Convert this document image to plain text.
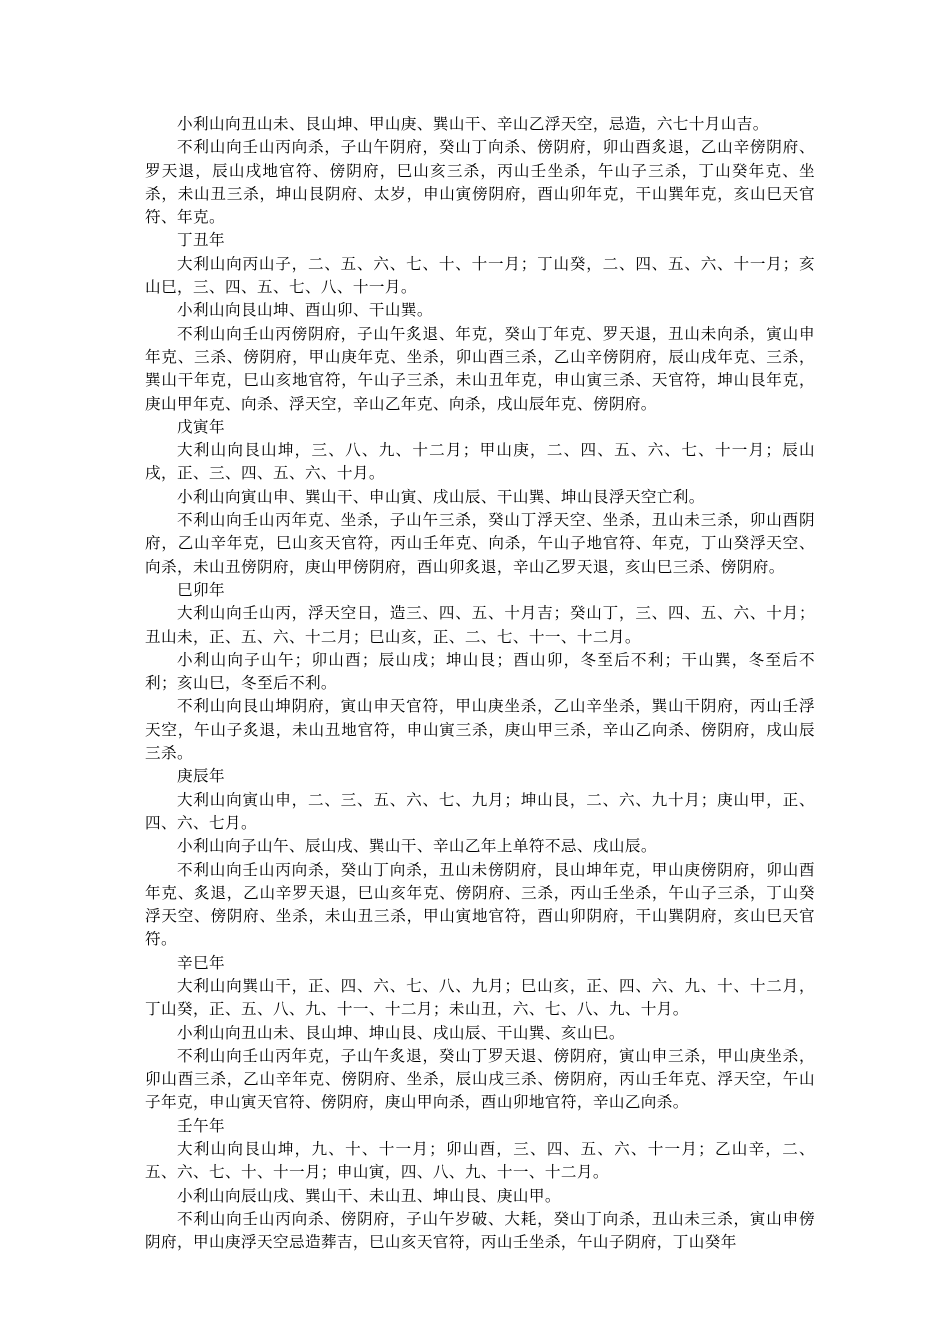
小利山向丑山未、艮山坤、甲山庚、巽山干、辛山乙浮天空，忌造，六七十月山吉。

不利山向壬山丙向杀，子山午阴府，癸山丁向杀、傍阴府，卯山酉炙退，乙山辛傍阴府、罗天退，辰山戌地官符、傍阴府，巳山亥三杀，丙山壬坐杀，午山子三杀，丁山癸年克、坐杀，未山丑三杀，坤山艮阴府、太岁，申山寅傍阴府，酉山卯年克，干山巽年克，亥山巳天官符、年克。

丁丑年

大利山向丙山子，二、五、六、七、十、十一月；丁山癸，二、四、五、六、十一月；亥山巳，三、四、五、七、八、十一月。

小利山向艮山坤、酉山卯、干山巽。

不利山向壬山丙傍阴府，子山午炙退、年克，癸山丁年克、罗天退，丑山未向杀，寅山申年克、三杀、傍阴府，甲山庚年克、坐杀，卯山酉三杀，乙山辛傍阴府，辰山戌年克、三杀，巽山干年克，巳山亥地官符，午山子三杀，未山丑年克，申山寅三杀、天官符，坤山艮年克，庚山甲年克、向杀、浮天空，辛山乙年克、向杀，戌山辰年克、傍阴府。

戊寅年

大利山向艮山坤，三、八、九、十二月；甲山庚，二、四、五、六、七、十一月；辰山戌，正、三、四、五、六、十月。

小利山向寅山申、巽山干、申山寅、戌山辰、干山巽、坤山艮浮天空亡利。

不利山向壬山丙年克、坐杀，子山午三杀，癸山丁浮天空、坐杀，丑山未三杀，卯山酉阴府，乙山辛年克，巳山亥天官符，丙山壬年克、向杀，午山子地官符、年克，丁山癸浮天空、向杀，未山丑傍阴府，庚山甲傍阴府，酉山卯炙退，辛山乙罗天退，亥山巳三杀、傍阴府。

巳卯年

大利山向壬山丙，浮天空日，造三、四、五、十月吉；癸山丁，三、四、五、六、十月；丑山未，正、五、六、十二月；巳山亥，正、二、七、十一、十二月。

小利山向子山午；卯山酉；辰山戌；坤山艮；酉山卯，冬至后不利；干山巽，冬至后不利；亥山巳，冬至后不利。

不利山向艮山坤阴府，寅山申天官符，甲山庚坐杀，乙山辛坐杀，巽山干阴府，丙山壬浮天空，午山子炙退，未山丑地官符，申山寅三杀，庚山甲三杀，辛山乙向杀、傍阴府，戌山辰三杀。

庚辰年

大利山向寅山申，二、三、五、六、七、九月；坤山艮，二、六、九十月；庚山甲，正、四、六、七月。

小利山向子山午、辰山戌、巽山干、辛山乙年上单符不忌、戌山辰。

不利山向壬山丙向杀，癸山丁向杀，丑山未傍阴府，艮山坤年克，甲山庚傍阴府，卯山酉年克、炙退，乙山辛罗天退，巳山亥年克、傍阴府、三杀，丙山壬坐杀，午山子三杀，丁山癸浮天空、傍阴府、坐杀，未山丑三杀，甲山寅地官符，酉山卯阴府，干山巽阴府，亥山巳天官符。

辛巳年

大利山向巽山干，正、四、六、七、八、九月；巳山亥，正、四、六、九、十、十二月，丁山癸，正、五、八、九、十一、十二月；未山丑，六、七、八、九、十月。

小利山向丑山未、艮山坤、坤山艮、戌山辰、干山巽、亥山巳。

不利山向壬山丙年克，子山午炙退，癸山丁罗天退、傍阴府，寅山申三杀，甲山庚坐杀，卯山酉三杀，乙山辛年克、傍阴府、坐杀，辰山戌三杀、傍阴府，丙山壬年克、浮天空，午山子年克，申山寅天官符、傍阴府，庚山甲向杀，酉山卯地官符，辛山乙向杀。

壬午年

大利山向艮山坤，九、十、十一月；卯山酉，三、四、五、六、十一月；乙山辛，二、五、六、七、十、十一月；申山寅，四、八、九、十一、十二月。

小利山向辰山戌、巽山干、未山丑、坤山艮、庚山甲。

不利山向壬山丙向杀、傍阴府，子山午岁破、大耗，癸山丁向杀，丑山未三杀，寅山申傍阴府，甲山庚浮天空忌造葬吉，巳山亥天官符，丙山壬坐杀，午山子阴府，丁山癸年
